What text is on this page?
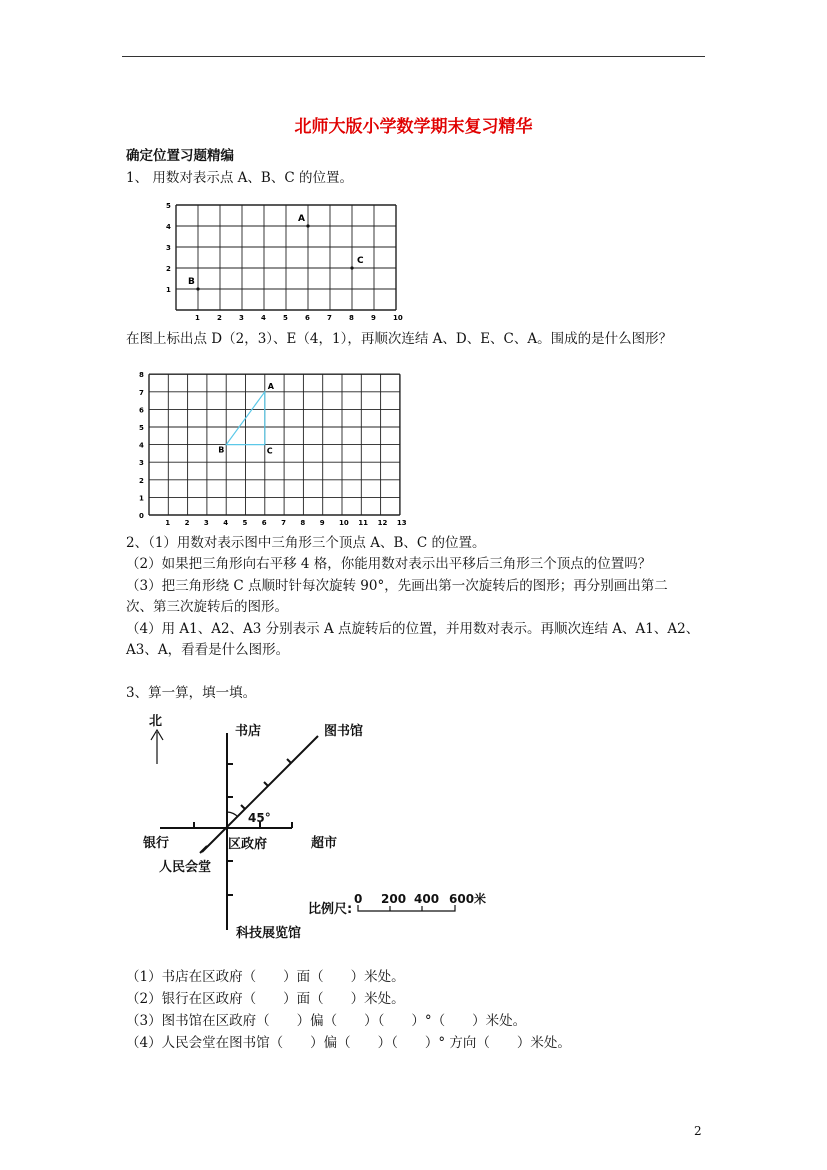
北师大版小学数学期末复习精华
确定位置习题精编
1、 用数对表示点 A、B、C 的位置。
1 2 3 4 5 6 7 8 9 10
1
2
3
4
5
A
B
C
在图上标出点 D（2，3）、E（4，1），再顺次连结 A、D、E、C、A。围成的是什么图形？
1 2 3 4 5 6 7 8 9 10 11 12 13
0
1
2
3
4
5
6
7
8
A
B	C
2、（1）用数对表示图中三角形三个顶点 A、B、C 的位置。
（2）如果把三角形向右平移 4 格，你能用数对表示出平移后三角形三个顶点的位置吗？
（3）把三角形绕 C 点顺时针每次旋转 90°，先画出第一次旋转后的图形；再分别画出第二
次、第三次旋转后的图形。
（4）用 A1、A2、A3 分别表示 A 点旋转后的位置，并用数对表示。再顺次连结 A、A1、A2、
A3、A，看看是什么图形。
3、算一算，填一填。
北
书店	图书馆
银行	区政府	超市
人民会堂
科技展览馆
45°
比例尺:
0 200 400 600米
（1）书店在区政府（　　）面（　　）米处。
（2）银行在区政府（　　）面（　　）米处。
（3）图书馆在区政府（　　）偏（　　）（　　）°（　　）米处。
（4）人民会堂在图书馆（　　）偏（　　）（　　）° 方向（　　）米处。
2
